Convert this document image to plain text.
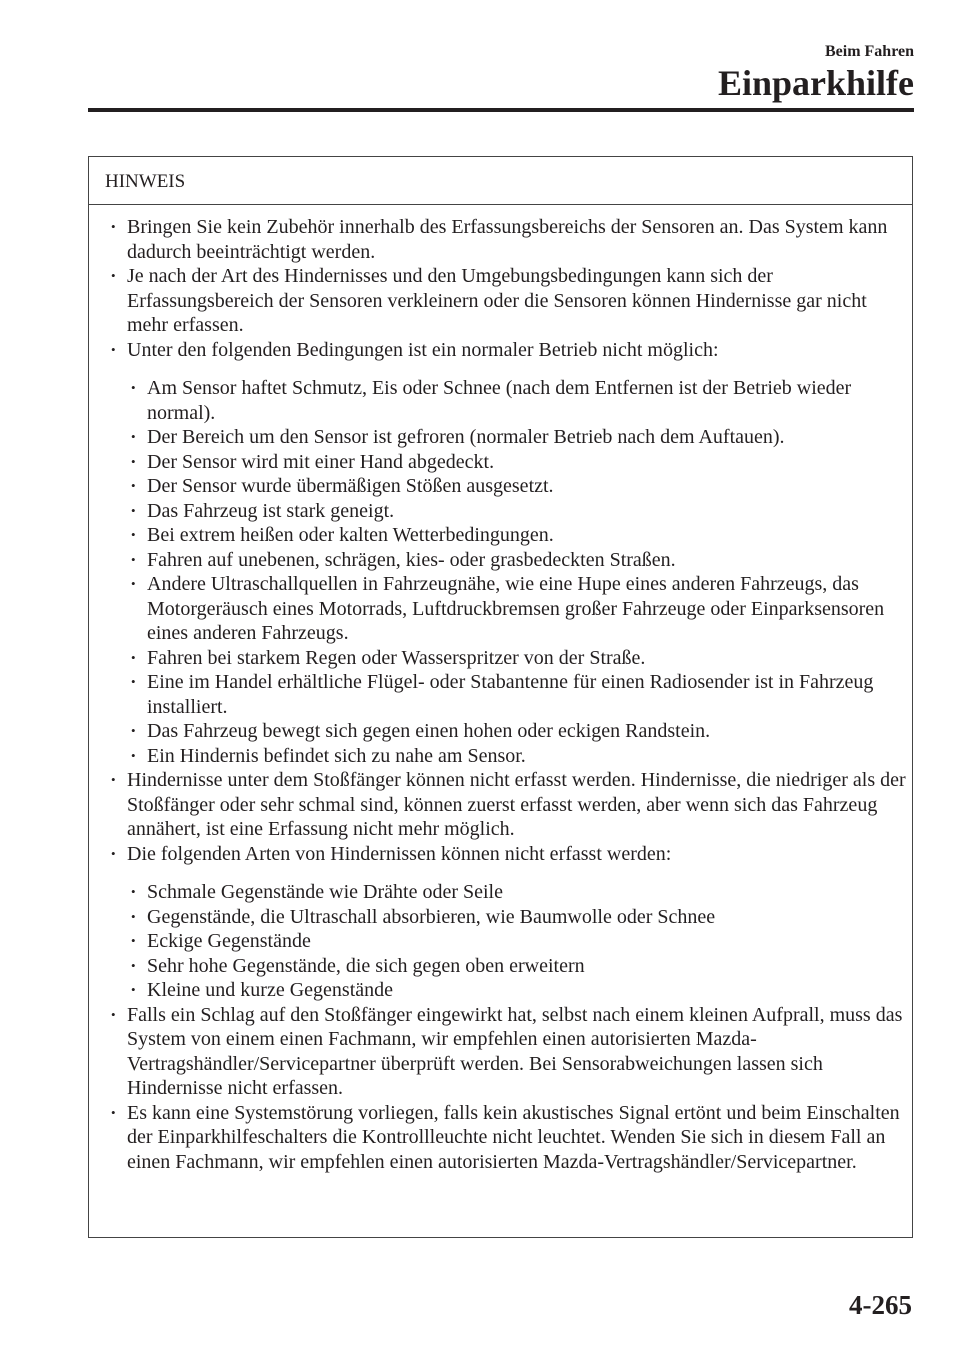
Beim Fahren
Einparkhilfe
HINWEIS

• Bringen Sie kein Zubehör innerhalb des Erfassungsbereichs der Sensoren an. Das System kann dadurch beeinträchtigt werden.

• Je nach der Art des Hindernisses und den Umgebungsbedingungen kann sich der Erfassungsbereich der Sensoren verkleinern oder die Sensoren können Hindernisse gar nicht mehr erfassen.

• Unter den folgenden Bedingungen ist ein normaler Betrieb nicht möglich:

• Am Sensor haftet Schmutz, Eis oder Schnee (nach dem Entfernen ist der Betrieb wieder normal).

• Der Bereich um den Sensor ist gefroren (normaler Betrieb nach dem Auftauen).

• Der Sensor wird mit einer Hand abgedeckt.

• Der Sensor wurde übermäßigen Stößen ausgesetzt.

• Das Fahrzeug ist stark geneigt.

• Bei extrem heißen oder kalten Wetterbedingungen.

• Fahren auf unebenen, schrägen, kies- oder grasbedeckten Straßen.

• Andere Ultraschallquellen in Fahrzeugnähe, wie eine Hupe eines anderen Fahrzeugs, das Motorgeräusch eines Motorrads, Luftdruckbremsen großer Fahrzeuge oder Einparksensoren eines anderen Fahrzeugs.

• Fahren bei starkem Regen oder Wasserspritzer von der Straße.

• Eine im Handel erhältliche Flügel- oder Stabantenne für einen Radiosender ist in Fahrzeug installiert.

• Das Fahrzeug bewegt sich gegen einen hohen oder eckigen Randstein.

• Ein Hindernis befindet sich zu nahe am Sensor.

• Hindernisse unter dem Stoßfänger können nicht erfasst werden. Hindernisse, die niedriger als der Stoßfänger oder sehr schmal sind, können zuerst erfasst werden, aber wenn sich das Fahrzeug annähert, ist eine Erfassung nicht mehr möglich.

• Die folgenden Arten von Hindernissen können nicht erfasst werden:

• Schmale Gegenstände wie Drähte oder Seile

• Gegenstände, die Ultraschall absorbieren, wie Baumwolle oder Schnee

• Eckige Gegenstände

• Sehr hohe Gegenstände, die sich gegen oben erweitern

• Kleine und kurze Gegenstände

• Falls ein Schlag auf den Stoßfänger eingewirkt hat, selbst nach einem kleinen Aufprall, muss das System von einem einen Fachmann, wir empfehlen einen autorisierten Mazda-Vertragshändler/Servicepartner überprüft werden. Bei Sensorabweichungen lassen sich Hindernisse nicht erfassen.

• Es kann eine Systemstörung vorliegen, falls kein akustisches Signal ertönt und beim Einschalten der Einparkhilfeschalters die Kontrollleuchte nicht leuchtet. Wenden Sie sich in diesem Fall an einen Fachmann, wir empfehlen einen autorisierten Mazda-Vertragshändler/Servicepartner.

4-265
